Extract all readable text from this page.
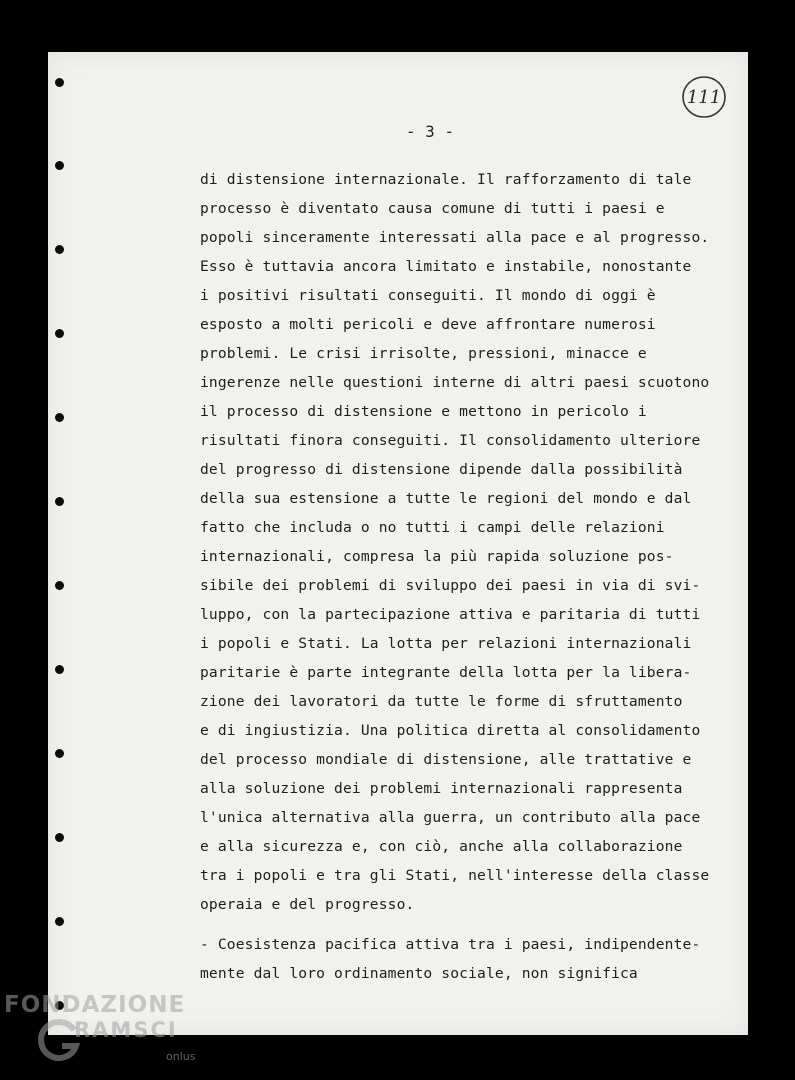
111
- 3 -
di distensione internazionale. Il rafforzamento di tale
processo è diventato causa comune di tutti i paesi e
popoli sinceramente interessati alla pace e al progresso.
Esso è tuttavia ancora limitato e instabile, nonostante
i positivi risultati conseguiti. Il mondo di oggi è
esposto a molti pericoli e deve affrontare numerosi
problemi. Le crisi irrisolte, pressioni, minacce e
ingerenze nelle questioni interne di altri paesi scuotono
il processo di distensione e mettono in pericolo i
risultati finora conseguiti. Il consolidamento ulteriore
del progresso di distensione dipende dalla possibilità
della sua estensione a tutte le regioni del mondo e dal
fatto che includa o no tutti i campi delle relazioni
internazionali, compresa la più rapida soluzione pos-
sibile dei problemi di sviluppo dei paesi in via di svi-
luppo, con la partecipazione attiva e paritaria di tutti
i popoli e Stati. La lotta per relazioni internazionali
paritarie è parte integrante della lotta per la libera-
zione dei lavoratori da tutte le forme di sfruttamento
e di ingiustizia. Una politica diretta al consolidamento
del processo mondiale di distensione, alle trattative e
alla soluzione dei problemi internazionali rappresenta
l'unica alternativa alla guerra, un contributo alla pace
e alla sicurezza e, con ciò, anche alla collaborazione
tra i popoli e tra gli Stati, nell'interesse della classe
operaia e del progresso.
- Coesistenza pacifica attiva tra i paesi, indipendente-
mente dal loro ordinamento sociale, non significa
FONDAZIONE
RAMSCI
onlus
